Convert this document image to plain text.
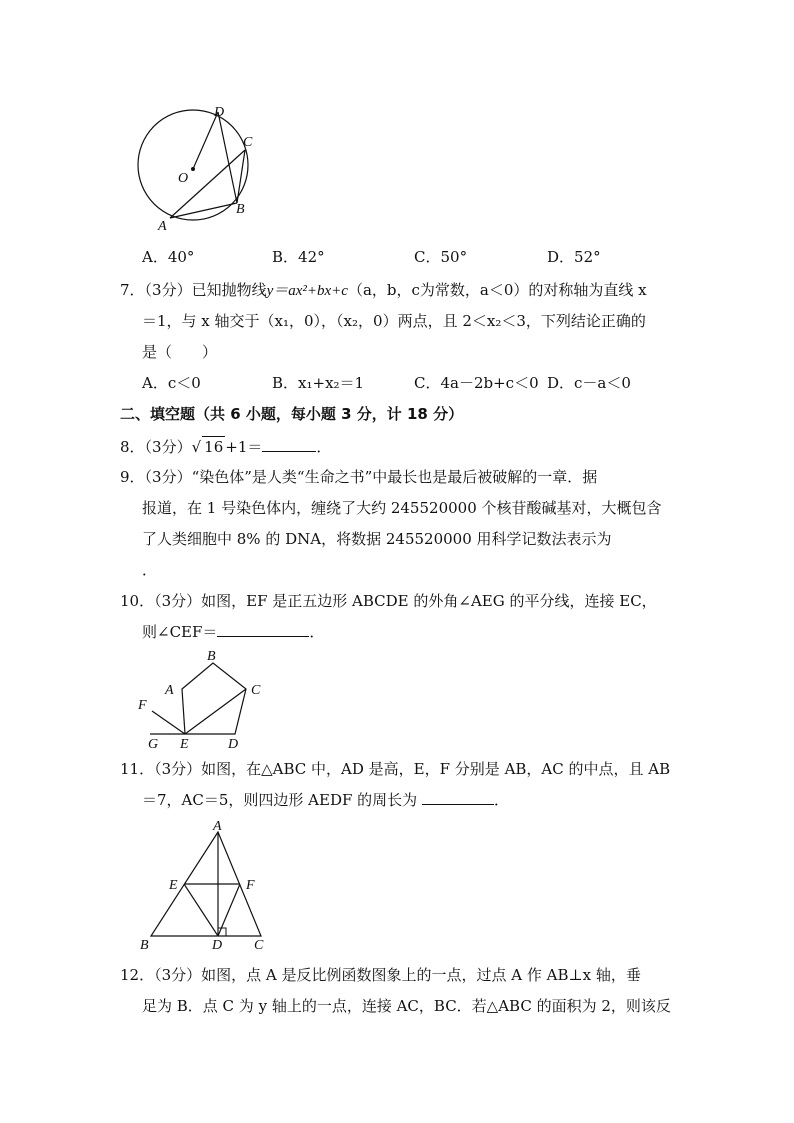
D
C
O
B
A
A．40°	B．42°	C．50°	D．52°
7．（3分）已知抛物线y＝ax²+bx+c（a，b，c为常数，a＜0）的对称轴为直线 x
＝1，与 x 轴交于（x₁，0），（x₂，0）两点，且 2＜x₂＜3，下列结论正确的
是（　　）
A．c＜0	B．x₁+x₂＝1	C．4a－2b+c＜0 D．c－a＜0
二、填空题（共 6 小题，每小题 3 分，计 18 分）
8．（3分）√ 16 +1＝	．
9．（3分）“染色体”是人类“生命之书”中最长也是最后被破解的一章．据
报道，在 1 号染色体内，缠绕了大约 245520000 个核苷酸碱基对，大概包含
了人类细胞中 8% 的 DNA，将数据 245520000 用科学记数法表示为
．
10．（3分）如图，EF 是正五边形 ABCDE 的外角∠AEG 的平分线，连接 EC，
则∠CEF＝	．
B
A	C
F
G E	D
11．（3分）如图，在△ABC 中，AD 是高，E，F 分别是 AB，AC 的中点，且 AB
＝7，AC＝5，则四边形 AEDF 的周长为	．
A
E	F
B	D C
12．（3分）如图，点 A 是反比例函数图象上的一点，过点 A 作 AB⊥x 轴，垂
足为 B．点 C 为 y 轴上的一点，连接 AC，BC．若△ABC 的面积为 2，则该反
